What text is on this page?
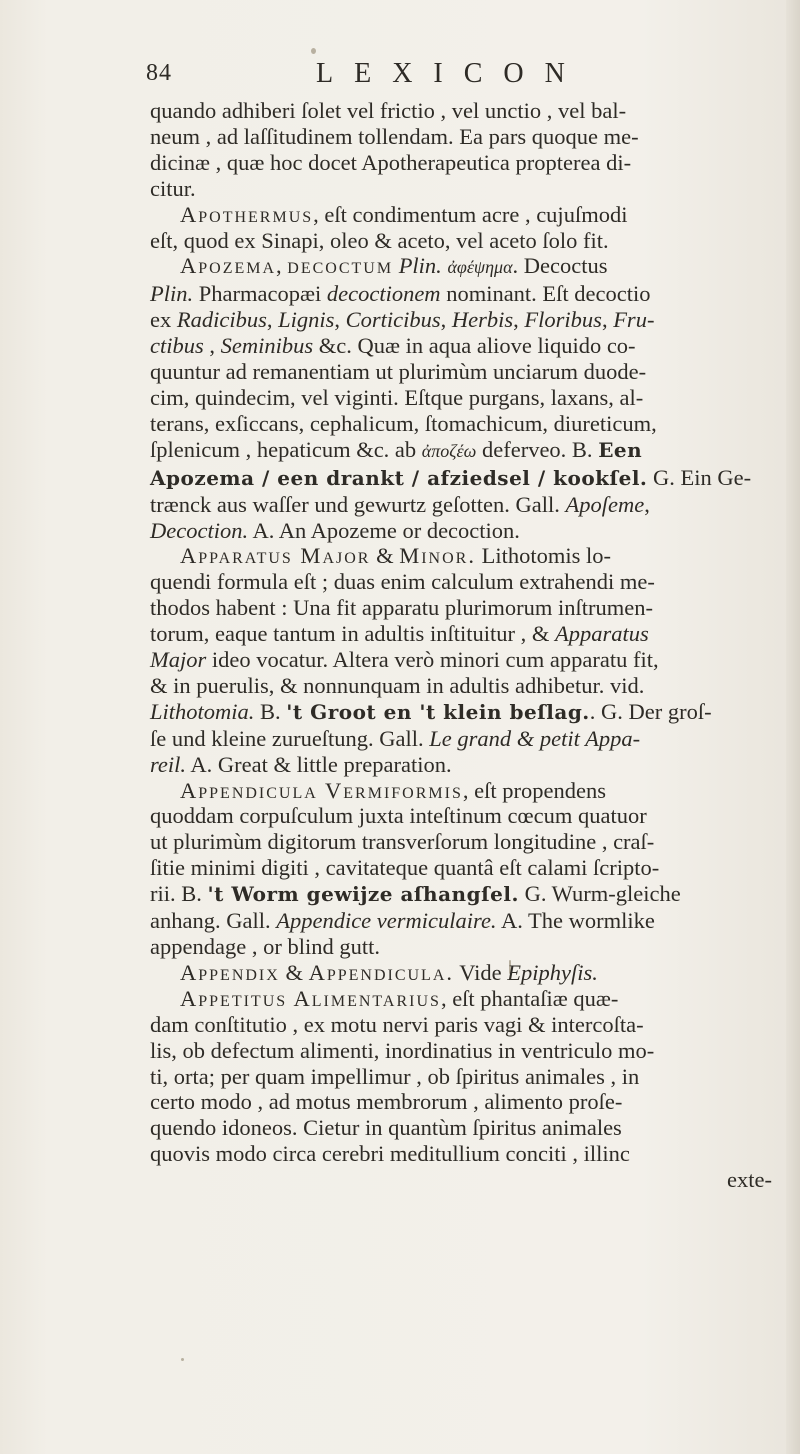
84	LEXICON
quando adhiberi ſolet vel frictio , vel unctio , vel bal-
neum , ad laſſitudinem tollendam. Ea pars quoque me-
dicinæ , quæ hoc docet Apotherapeutica propterea di-
citur.
Apothermus, eſt condimentum acre , cujuſmodi
eſt, quod ex Sinapi, oleo & aceto, vel aceto ſolo fit.
Apozema, decoctum Plin. ἀφέψημα. Decoctus
Plin. Pharmacopæi decoctionem nominant. Eſt decoctio
ex Radicibus, Lignis, Corticibus, Herbis, Floribus, Fru-
ctibus , Seminibus &c. Quæ in aqua aliove liquido co-
quuntur ad remanentiam ut plurimùm unciarum duode-
cim, quindecim, vel viginti. Eſtque purgans, laxans, al-
terans, exſiccans, cephalicum, ſtomachicum, diureticum,
ſplenicum , hepaticum &c. ab ἀποζέω deferveo. B. Een
Apozema / een drankt / afziedsel / kookſel. G. Ein Ge-
trænck aus waſſer und gewurtz geſotten. Gall. Apoſeme,
Decoction. A. An Apozeme or decoction.
Apparatus Major & Minor. Lithotomis lo-
quendi formula eſt ; duas enim calculum extrahendi me-
thodos habent : Una fit apparatu plurimorum inſtrumen-
torum, eaque tantum in adultis inſtituitur , & Apparatus
Major ideo vocatur. Altera verò minori cum apparatu fit,
& in puerulis, & nonnunquam in adultis adhibetur. vid.
Lithotomia. B. 't Groot en 't klein beſlag.. G. Der groſ-
ſe und kleine zurueſtung. Gall. Le grand & petit Appa-
reil. A. Great & little preparation.
Appendicula Vermiformis, eſt propendens
quoddam corpuſculum juxta inteſtinum cœcum quatuor
ut plurimùm digitorum transverſorum longitudine , craſ-
ſitie minimi digiti , cavitateque quantâ eſt calami ſcripto-
rii. B. 't Worm gewijze aſhangſel. G. Wurm-gleiche
anhang. Gall. Appendice vermiculaire. A. The wormlike
appendage , or blind gutt.
Appendix & Appendicula. Vide Epiphyſis.
Appetitus Alimentarius, eſt phantaſiæ quæ-
dam conſtitutio , ex motu nervi paris vagi & intercoſta-
lis, ob defectum alimenti, inordinatius in ventriculo mo-
ti, orta; per quam impellimur , ob ſpiritus animales , in
certo modo , ad motus membrorum , alimento proſe-
quendo idoneos. Cietur in quantùm ſpiritus animales
quovis modo circa cerebri meditullium conciti , illinc
exte-
